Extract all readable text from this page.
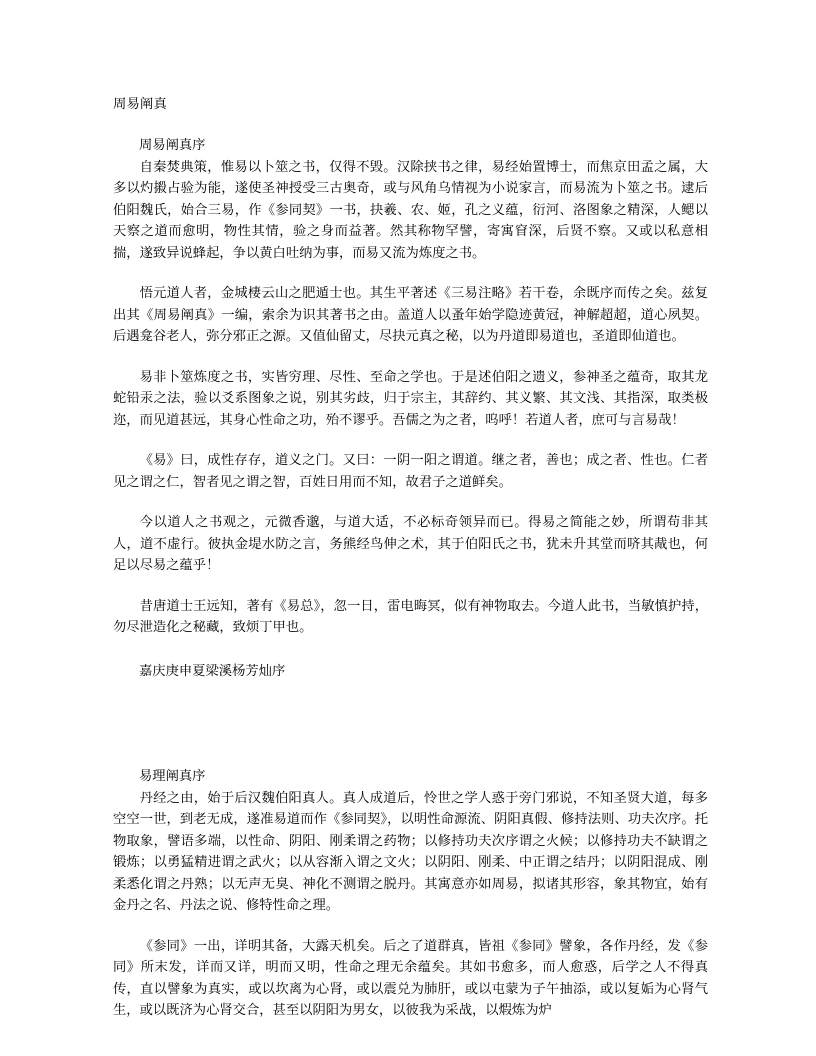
周易阐真
周易阐真序

自秦焚典策，惟易以卜筮之书，仅得不毁。汉除挟书之律，易经始置博士，而焦京田孟之属，大多以灼摋占验为能，遂使圣神授受三古奥奇，或与风角乌情视为小说家言，而易流为卜筮之书。逮后伯阳魏氏，始合三易，作《参同契》一书，抉羲、农、姬，孔之义蕴，衍河、洛图象之精深，人鳃以天察之道而愈明，物性其情，验之身而益著。然其称物罕譬，寄寓窅深，后贤不察。又或以私意相揣，遂致异说蜂起，争以黄白吐纳为事，而易又流为炼度之书。

悟元道人者，金城棲云山之肥遁士也。其生平著述《三易注略》若干卷，余既序而传之矣。兹复出其《周易阐真》一编，索余为识其著书之由。盖道人以蚤年始学隐迹黄冠，神解超超，道心夙契。后遇龛谷老人，弥分邪正之源。又值仙留丈，尽抉元真之秘，以为丹道即易道也，圣道即仙道也。

易非卜筮炼度之书，实皆穷理、尽性、至命之学也。于是述伯阳之遗义，参神圣之蕴奇，取其龙蛇铅汞之法，验以爻系图象之说，别其劣歧，归于宗主，其辞约、其义繁、其文浅、其指深，取类极迩，而见道甚远，其身心性命之功，殆不谬乎。吾儒之为之者，呜呼！若道人者，庶可与言易哉！

《易》曰，成性存存，道义之门。又曰：一阴一阳之谓道。继之者，善也；成之者、性也。仁者见之谓之仁，智者见之谓之智，百姓日用而不知，故君子之道鲜矣。

今以道人之书观之，元微香邈，与道大适，不必标奇领异而已。得易之简能之妙，所谓苟非其人，道不虚行。彼执金堤水防之言，务熊经鸟伸之术，其于伯阳氏之书，犹未升其堂而哜其胾也，何足以尽易之蕴乎！

昔唐道士王远知，著有《易总》，忽一日，雷电晦冥，似有神物取去。今道人此书，当敏慎护持，勿尽泄造化之秘藏，致烦丁甲也。

嘉庆庚申夏梁溪杨芳灿序

易理阐真序

丹经之由，始于后汉魏伯阳真人。真人成道后，怜世之学人惑于旁门邪说，不知圣贤大道，每多空空一世，到老无成，遂准易道而作《参同契》，以明性命源流、阴阳真假、修持法则、功夫次序。托物取象，譬语多端，以性命、阴阳、刚柔谓之药物；以修持功夫次序谓之火候；以修持功夫不缺谓之锻炼；以勇猛精进谓之武火；以从容渐入谓之文火；以阴阳、刚柔、中正谓之结丹；以阴阳混成、刚柔悉化谓之丹熟；以无声无臭、神化不测谓之脱丹。其寓意亦如周易，拟诸其形容，象其物宜，始有金丹之名、丹法之说、修特性命之理。

《参同》一出，详明其备，大露天机矣。后之了道群真，皆祖《参同》譬象，各作丹经，发《参同》所末发，详而又详，明而又明，性命之理无余蕴矣。其如书愈多，而人愈惑，后学之人不得真传，直以譬象为真实，或以坎离为心肾，或以震兑为肺肝，或以屯蒙为子午抽添，或以复姤为心肾气生，或以既济为心肾交合，甚至以阴阳为男女，以彼我为采战，以煆炼为炉
